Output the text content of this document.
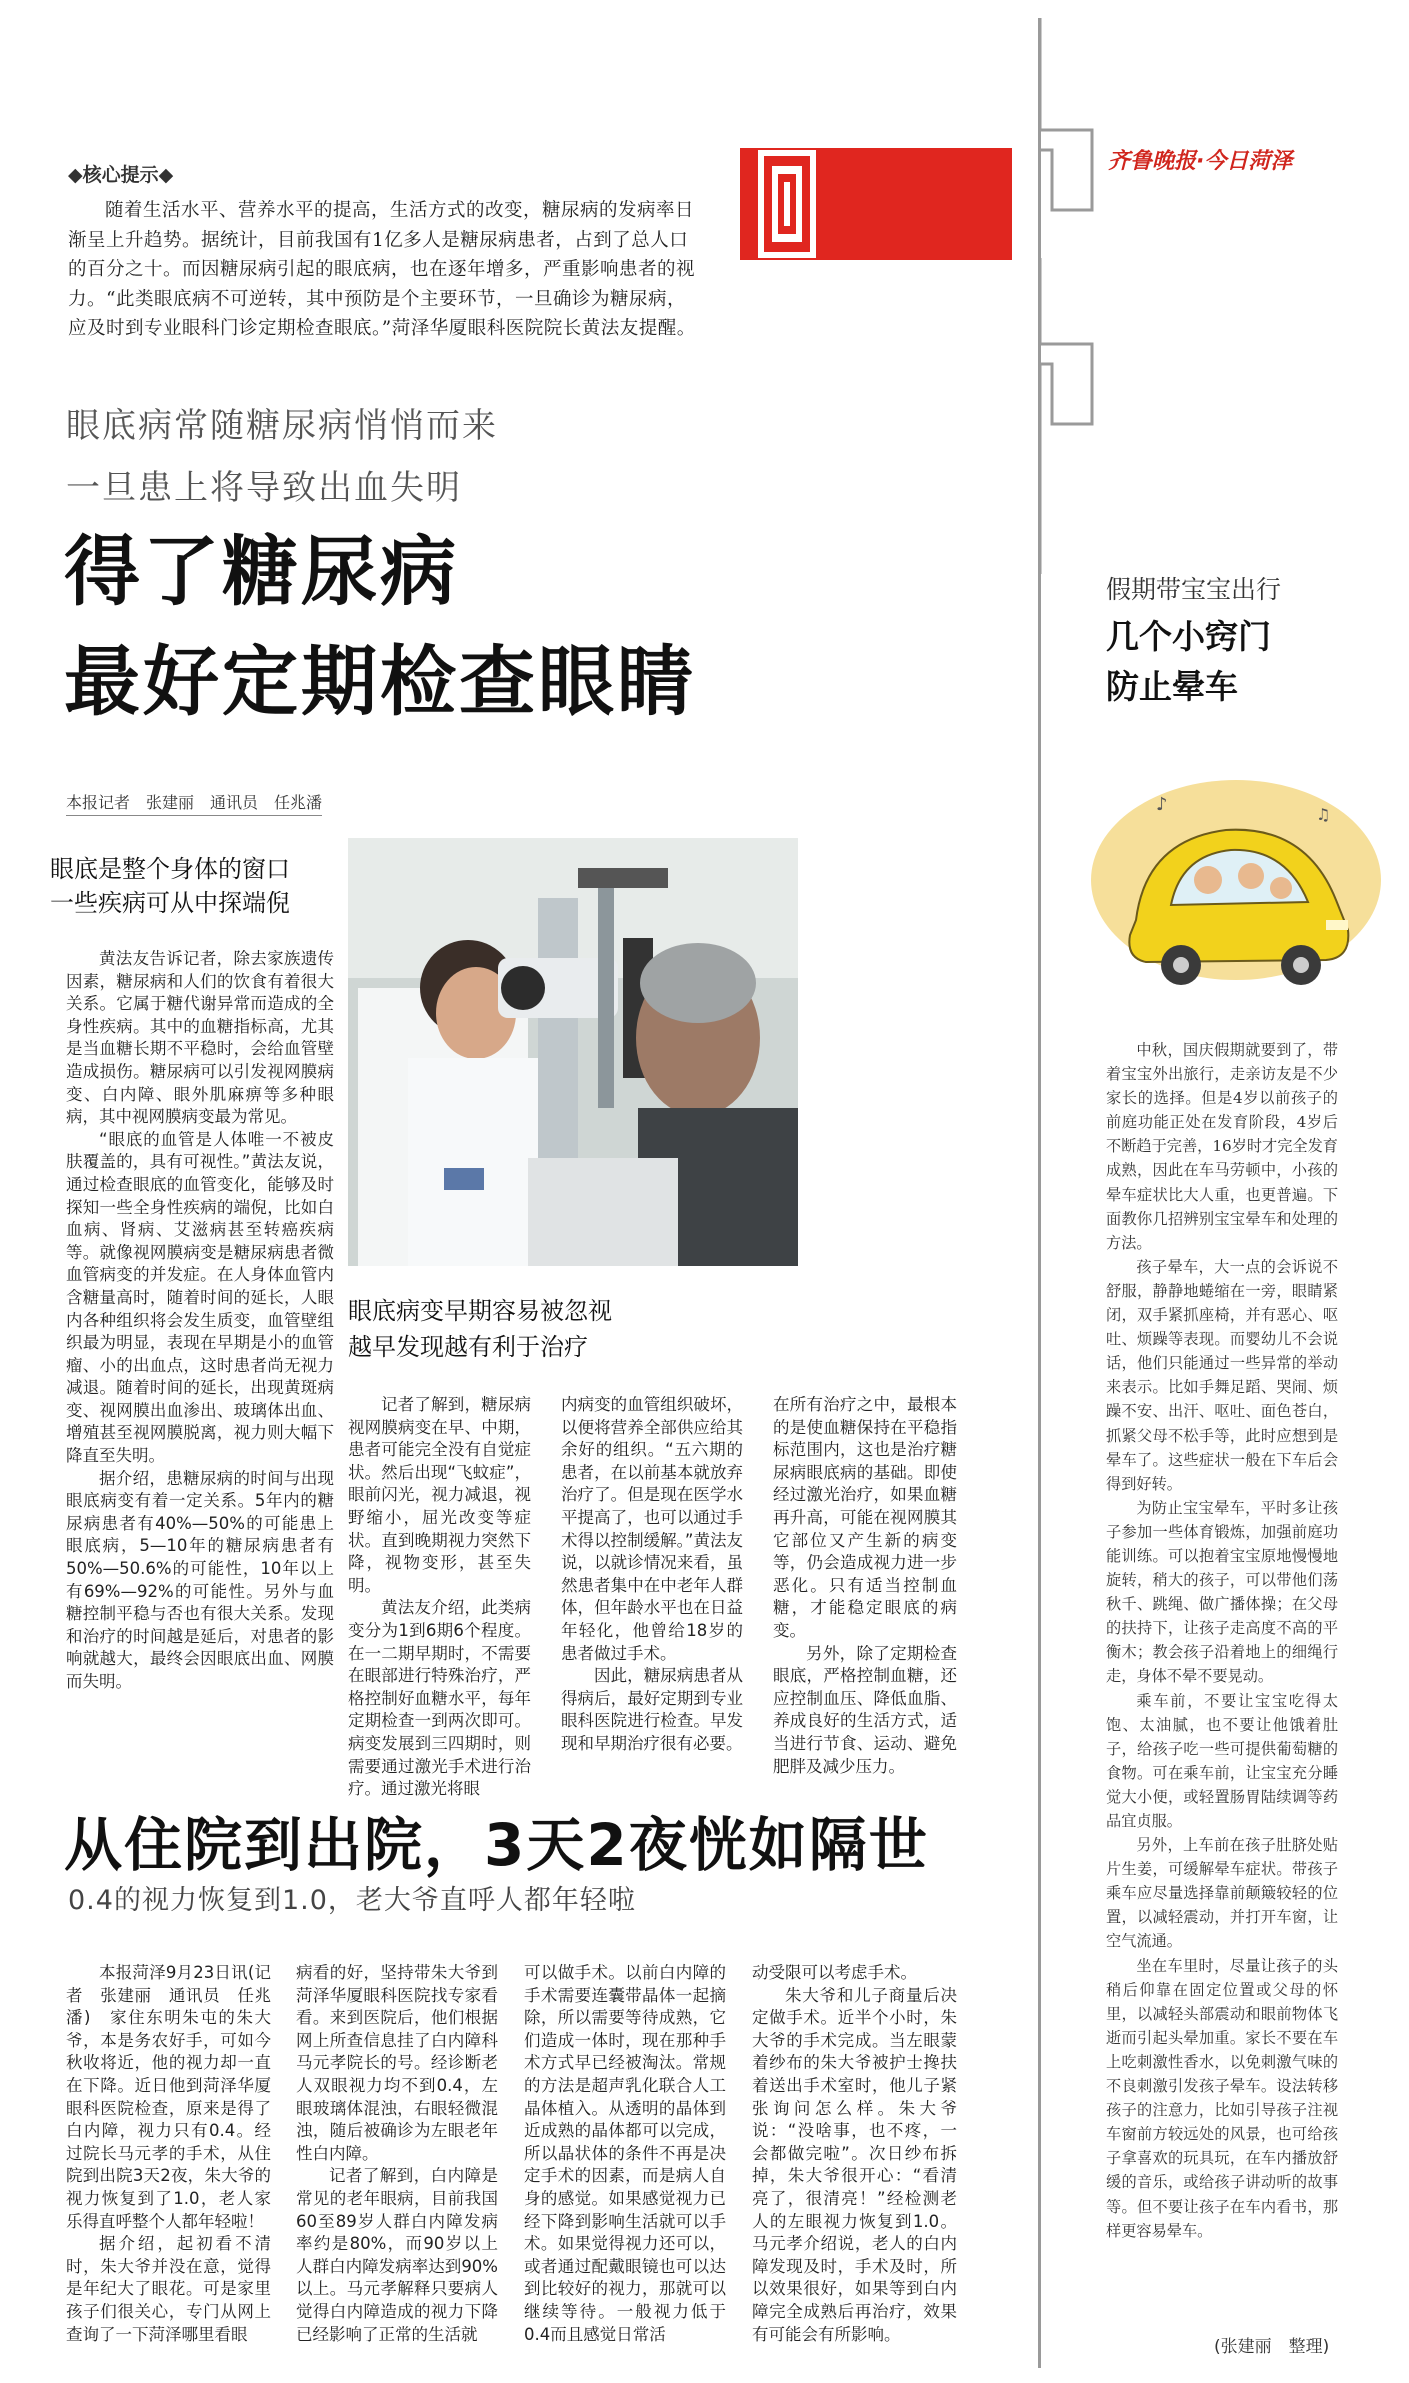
齐鲁晚报·今日菏泽
◆核心提示◆
随着生活水平、营养水平的提高，生活方式的改变，糖尿病的发病率日渐呈上升趋势。据统计，目前我国有1亿多人是糖尿病患者，占到了总人口的百分之十。而因糖尿病引起的眼底病，也在逐年增多，严重影响患者的视力。“此类眼底病不可逆转，其中预防是个主要环节，一旦确诊为糖尿病，应及时到专业眼科门诊定期检查眼底。”菏泽华厦眼科医院院长黄法友提醒。
眼底病常随糖尿病悄悄而来
一旦患上将导致出血失明
得了糖尿病
最好定期检查眼睛
本报记者　张建丽　通讯员　任兆潘
眼底是整个身体的窗口
一些疾病可从中探端倪

黄法友告诉记者，除去家族遗传因素，糖尿病和人们的饮食有着很大关系。它属于糖代谢异常而造成的全身性疾病。其中的血糖指标高，尤其是当血糖长期不平稳时，会给血管壁造成损伤。糖尿病可以引发视网膜病变、白内障、眼外肌麻痹等多种眼病，其中视网膜病变最为常见。

“眼底的血管是人体唯一不被皮肤覆盖的，具有可视性。”黄法友说，通过检查眼底的血管变化，能够及时探知一些全身性疾病的端倪，比如白血病、肾病、艾滋病甚至转癌疾病等。就像视网膜病变是糖尿病患者微血管病变的并发症。在人身体血管内含糖量高时，随着时间的延长，人眼内各种组织将会发生质变，血管壁组织最为明显，表现在早期是小的血管瘤、小的出血点，这时患者尚无视力减退。随着时间的延长，出现黄斑病变、视网膜出血渗出、玻璃体出血、增殖甚至视网膜脱离，视力则大幅下降直至失明。

据介绍，患糖尿病的时间与出现眼底病变有着一定关系。5年内的糖尿病患者有40%—50%的可能患上眼底病，5—10年的糖尿病患者有50%—50.6%的可能性，10年以上有69%—92%的可能性。另外与血糖控制平稳与否也有很大关系。发现和治疗的时间越是延后，对患者的影响就越大，最终会因眼底出血、网膜而失明。

眼底病变早期容易被忽视
越早发现越有利于治疗

记者了解到，糖尿病视网膜病变在早、中期，患者可能完全没有自觉症状。然后出现“飞蚊症”，眼前闪光，视力减退，视野缩小，屈光改变等症状。直到晚期视力突然下降，视物变形，甚至失明。

黄法友介绍，此类病变分为1到6期6个程度。在一二期早期时，不需要在眼部进行特殊治疗，严格控制好血糖水平，每年定期检查一到两次即可。病变发展到三四期时，则需要通过激光手术进行治疗。通过激光将眼

内病变的血管组织破坏，以便将营养全部供应给其余好的组织。“五六期的患者，在以前基本就放弃治疗了。但是现在医学水平提高了，也可以通过手术得以控制缓解。”黄法友说，以就诊情况来看，虽然患者集中在中老年人群体，但年龄水平也在日益年轻化，他曾给18岁的患者做过手术。

因此，糖尿病患者从得病后，最好定期到专业眼科医院进行检查。早发现和早期治疗很有必要。

在所有治疗之中，最根本的是使血糖保持在平稳指标范围内，这也是治疗糖尿病眼底病的基础。即使经过激光治疗，如果血糖再升高，可能在视网膜其它部位又产生新的病变等，仍会造成视力进一步恶化。只有适当控制血糖，才能稳定眼底的病变。

另外，除了定期检查眼底，严格控制血糖，还应控制血压、降低血脂、养成良好的生活方式，适当进行节食、运动、避免肥胖及减少压力。

从住院到出院，3天2夜恍如隔世
0.4的视力恢复到1.0，老大爷直呼人都年轻啦

本报菏泽9月23日讯(记者　张建丽　通讯员　任兆潘)　家住东明朱屯的朱大爷，本是务农好手，可如今秋收将近，他的视力却一直在下降。近日他到菏泽华厦眼科医院检查，原来是得了白内障，视力只有0.4。经过院长马元孝的手术，从住院到出院3天2夜，朱大爷的视力恢复到了1.0，老人家乐得直呼整个人都年轻啦！

据介绍，起初看不清时，朱大爷并没在意，觉得是年纪大了眼花。可是家里孩子们很关心，专门从网上查询了一下菏泽哪里看眼

病看的好，坚持带朱大爷到菏泽华厦眼科医院找专家看看。来到医院后，他们根据网上所查信息挂了白内障科马元孝院长的号。经诊断老人双眼视力均不到0.4，左眼玻璃体混浊，右眼轻微混浊，随后被确诊为左眼老年性白内障。

记者了解到，白内障是常见的老年眼病，目前我国60至89岁人群白内障发病率约是80%，而90岁以上人群白内障发病率达到90%以上。马元孝解释只要病人觉得白内障造成的视力下降已经影响了正常的生活就

可以做手术。以前白内障的手术需要连囊带晶体一起摘除，所以需要等待成熟，它们造成一体时，现在那种手术方式早已经被淘汰。常规的方法是超声乳化联合人工晶体植入。从透明的晶体到近成熟的晶体都可以完成，所以晶状体的条件不再是决定手术的因素，而是病人自身的感觉。如果感觉视力已经下降到影响生活就可以手术。如果觉得视力还可以，或者通过配戴眼镜也可以达到比较好的视力，那就可以继续等待。一般视力低于0.4而且感觉日常活

动受限可以考虑手术。

朱大爷和儿子商量后决定做手术。近半个小时，朱大爷的手术完成。当左眼蒙着纱布的朱大爷被护士搀扶着送出手术室时，他儿子紧张询问怎么样。朱大爷说：“没啥事，也不疼，一会都做完啦”。次日纱布拆掉，朱大爷很开心：“看清亮了，很清亮！”经检测老人的左眼视力恢复到1.0。马元孝介绍说，老人的白内障发现及时，手术及时，所以效果很好，如果等到白内障完全成熟后再治疗，效果有可能会有所影响。

假期带宝宝出行
几个小窍门
防止晕车
♪	♫

中秋，国庆假期就要到了，带着宝宝外出旅行，走亲访友是不少家长的选择。但是4岁以前孩子的前庭功能正处在发育阶段，4岁后不断趋于完善，16岁时才完全发育成熟，因此在车马劳顿中，小孩的晕车症状比大人重，也更普遍。下面教你几招辨别宝宝晕车和处理的方法。

孩子晕车，大一点的会诉说不舒服，静静地蜷缩在一旁，眼睛紧闭，双手紧抓座椅，并有恶心、呕吐、烦躁等表现。而婴幼儿不会说话，他们只能通过一些异常的举动来表示。比如手舞足蹈、哭闹、烦躁不安、出汗、呕吐、面色苍白，抓紧父母不松手等，此时应想到是晕车了。这些症状一般在下车后会得到好转。

为防止宝宝晕车，平时多让孩子参加一些体育锻炼，加强前庭功能训练。可以抱着宝宝原地慢慢地旋转，稍大的孩子，可以带他们荡秋千、跳绳、做广播体操；在父母的扶持下，让孩子走高度不高的平衡木；教会孩子沿着地上的细绳行走，身体不晕不要晃动。

乘车前，不要让宝宝吃得太饱、太油腻，也不要让他饿着肚子，给孩子吃一些可提供葡萄糖的食物。可在乘车前，让宝宝充分睡觉大小便，或轻置肠胃陆续调等药品宜贞服。

另外，上车前在孩子肚脐处贴片生姜，可缓解晕车症状。带孩子乘车应尽量选择靠前颠簸较轻的位置，以减轻震动，并打开车窗，让空气流通。

坐在车里时，尽量让孩子的头稍后仰靠在固定位置或父母的怀里，以减轻头部震动和眼前物体飞逝而引起头晕加重。家长不要在车上吃刺激性香水，以免刺激气味的不良刺激引发孩子晕车。设法转移孩子的注意力，比如引导孩子注视车窗前方较远处的风景，也可给孩子拿喜欢的玩具玩，在车内播放舒缓的音乐，或给孩子讲动听的故事等。但不要让孩子在车内看书，那样更容易晕车。

(张建丽　整理)
